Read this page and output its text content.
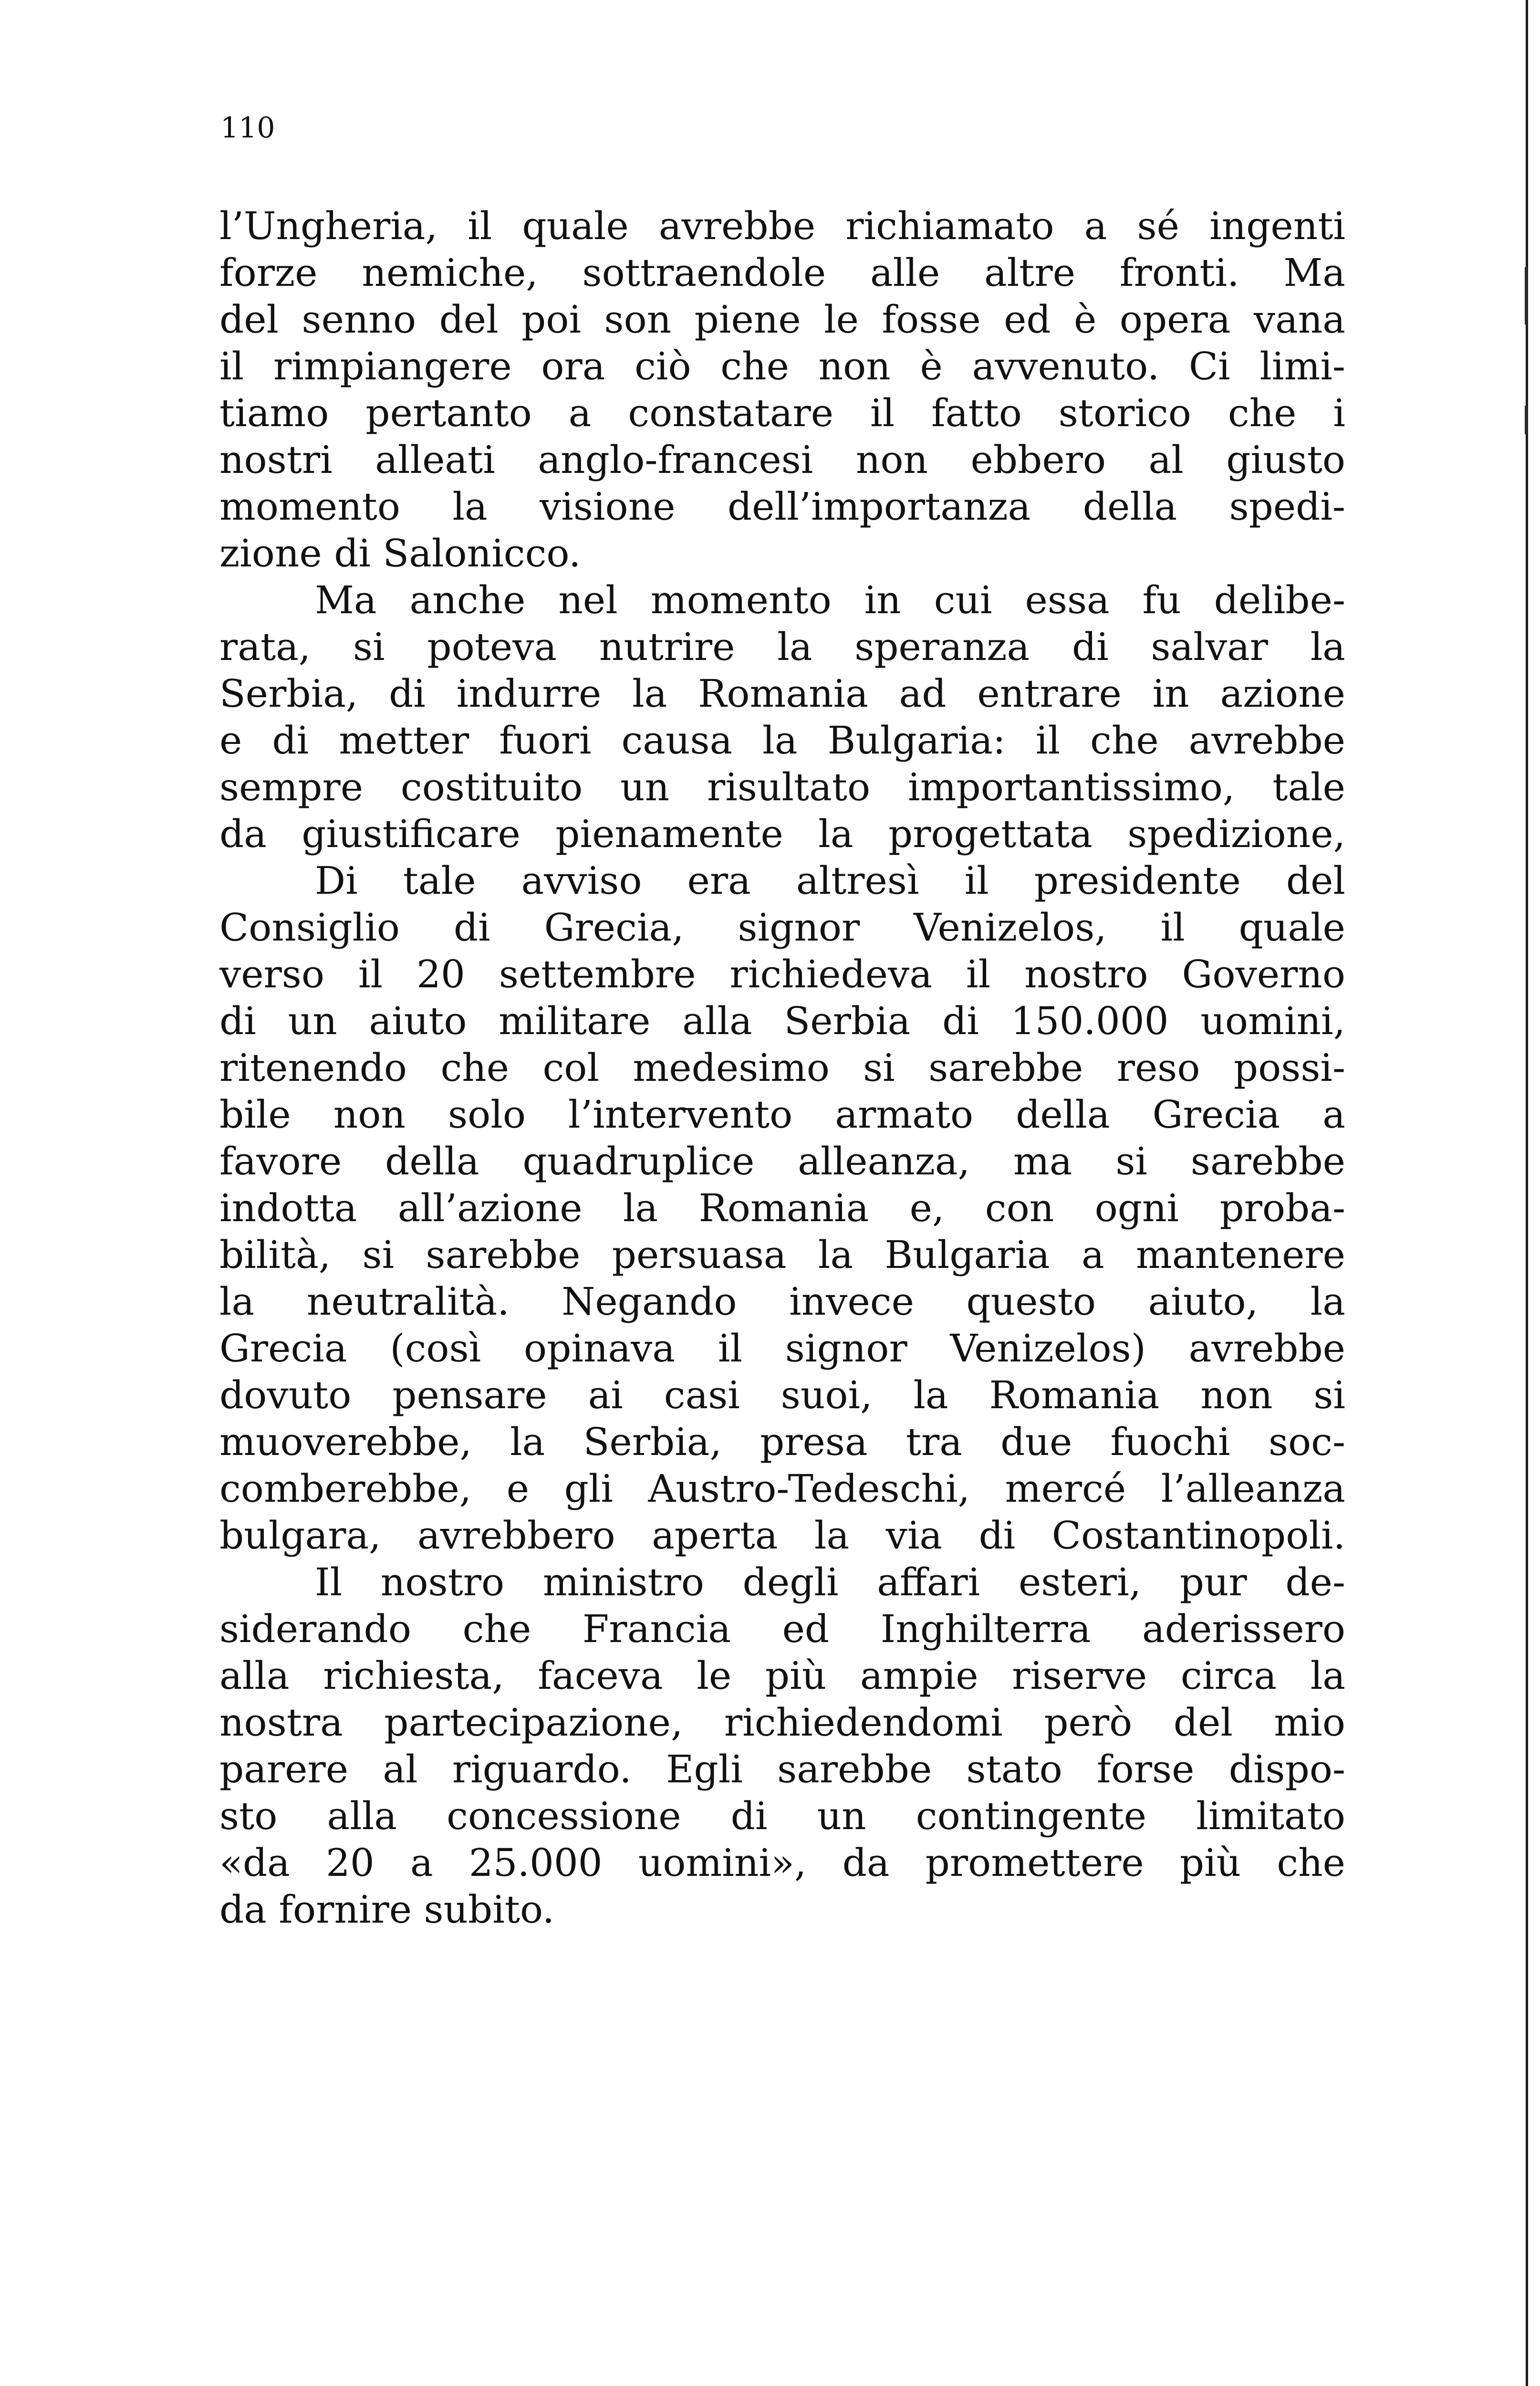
110
l’Ungheria, il quale avrebbe richiamato a sé ingenti
forze nemiche, sottraendole alle altre fronti. Ma
del senno del poi son piene le fosse ed è opera vana
il rimpiangere ora ciò che non è avvenuto. Ci limi-
tiamo pertanto a constatare il fatto storico che i
nostri alleati anglo-francesi non ebbero al giusto
momento la visione dell’importanza della spedi-
zione di Salonicco.
Ma anche nel momento in cui essa fu delibe-
rata, si poteva nutrire la speranza di salvar la
Serbia, di indurre la Romania ad entrare in azione
e di metter fuori causa la Bulgaria: il che avrebbe
sempre costituito un risultato importantissimo, tale
da giustificare pienamente la progettata spedizione,
Di tale avviso era altresì il presidente del
Consiglio di Grecia, signor Venizelos, il quale
verso il 20 settembre richiedeva il nostro Governo
di un aiuto militare alla Serbia di 150.000 uomini,
ritenendo che col medesimo si sarebbe reso possi-
bile non solo l’intervento armato della Grecia a
favore della quadruplice alleanza, ma si sarebbe
indotta all’azione la Romania e, con ogni proba-
bilità, si sarebbe persuasa la Bulgaria a mantenere
la neutralità. Negando invece questo aiuto, la
Grecia (così opinava il signor Venizelos) avrebbe
dovuto pensare ai casi suoi, la Romania non si
muoverebbe, la Serbia, presa tra due fuochi soc-
comberebbe, e gli Austro-Tedeschi, mercé l’alleanza
bulgara, avrebbero aperta la via di Costantinopoli.
Il nostro ministro degli affari esteri, pur de-
siderando che Francia ed Inghilterra aderissero
alla richiesta, faceva le più ampie riserve circa la
nostra partecipazione, richiedendomi però del mio
parere al riguardo. Egli sarebbe stato forse dispo-
sto alla concessione di un contingente limitato
«da 20 a 25.000 uomini», da promettere più che
da fornire subito.
